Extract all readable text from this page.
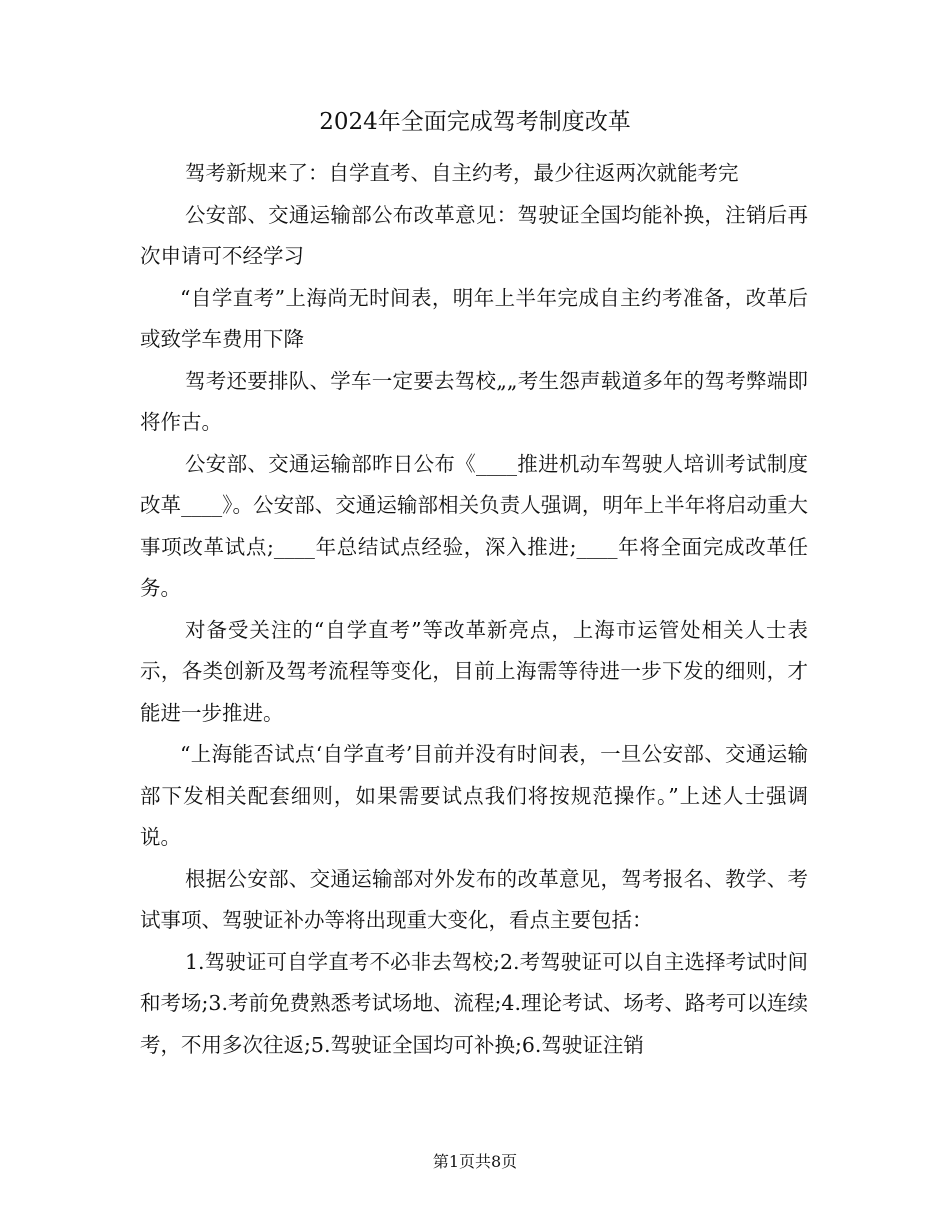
2024年全面完成驾考制度改革

驾考新规来了：自学直考、自主约考，最少往返两次就能考完

公安部、交通运输部公布改革意见：驾驶证全国均能补换，注销后再次申请可不经学习

“自学直考”上海尚无时间表，明年上半年完成自主约考准备，改革后或致学车费用下降

驾考还要排队、学车一定要去驾校„„考生怨声载道多年的驾考弊端即将作古。

公安部、交通运输部昨日公布《____推进机动车驾驶人培训考试制度改革____》。公安部、交通运输部相关负责人强调，明年上半年将启动重大事项改革试点;____年总结试点经验，深入推进;____年将全面完成改革任务。

对备受关注的“自学直考”等改革新亮点，上海市运管处相关人士表示，各类创新及驾考流程等变化，目前上海需等待进一步下发的细则，才能进一步推进。

“上海能否试点‘自学直考’目前并没有时间表，一旦公安部、交通运输部下发相关配套细则，如果需要试点我们将按规范操作。”上述人士强调说。

根据公安部、交通运输部对外发布的改革意见，驾考报名、教学、考试事项、驾驶证补办等将出现重大变化，看点主要包括：

1.驾驶证可自学直考不必非去驾校;2.考驾驶证可以自主选择考试时间和考场;3.考前免费熟悉考试场地、流程;4.理论考试、场考、路考可以连续考，不用多次往返;5.驾驶证全国均可补换;6.驾驶证注销

第1页共8页
